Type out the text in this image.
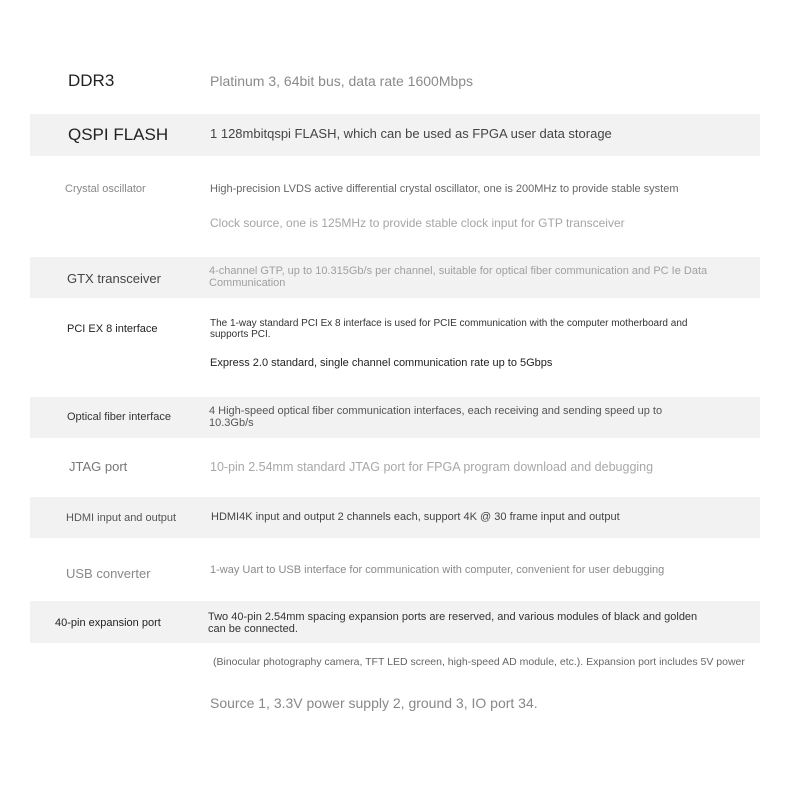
DDR3	Platinum 3, 64bit bus, data rate 1600Mbps
QSPI FLASH	1 128mbitqspi FLASH, which can be used as FPGA user data storage
Crystal oscillator	High-precision LVDS active differential crystal oscillator, one is 200MHz to provide stable system
Clock source, one is 125MHz to provide stable clock input for GTP transceiver
GTX transceiver	4-channel GTP, up to 10.315Gb/s per channel, suitable for optical fiber communication and PC Ie Data Communication
PCI EX 8 interface	The 1-way standard PCI Ex 8 interface is used for PCIE communication with the computer motherboard and supports PCI.
Express 2.0 standard, single channel communication rate up to 5Gbps
Optical fiber interface	4 High-speed optical fiber communication interfaces, each receiving and sending speed up to 10.3Gb/s
JTAG port	10-pin 2.54mm standard JTAG port for FPGA program download and debugging
HDMI input and output	HDMI4K input and output 2 channels each, support 4K @ 30 frame input and output
USB converter	1-way Uart to USB interface for communication with computer, convenient for user debugging
40-pin expansion port	Two 40-pin 2.54mm spacing expansion ports are reserved, and various modules of black and golden can be connected.
(Binocular photography camera, TFT LED screen, high-speed AD module, etc.). Expansion port includes 5V power
Source 1, 3.3V power supply 2, ground 3, IO port 34.
